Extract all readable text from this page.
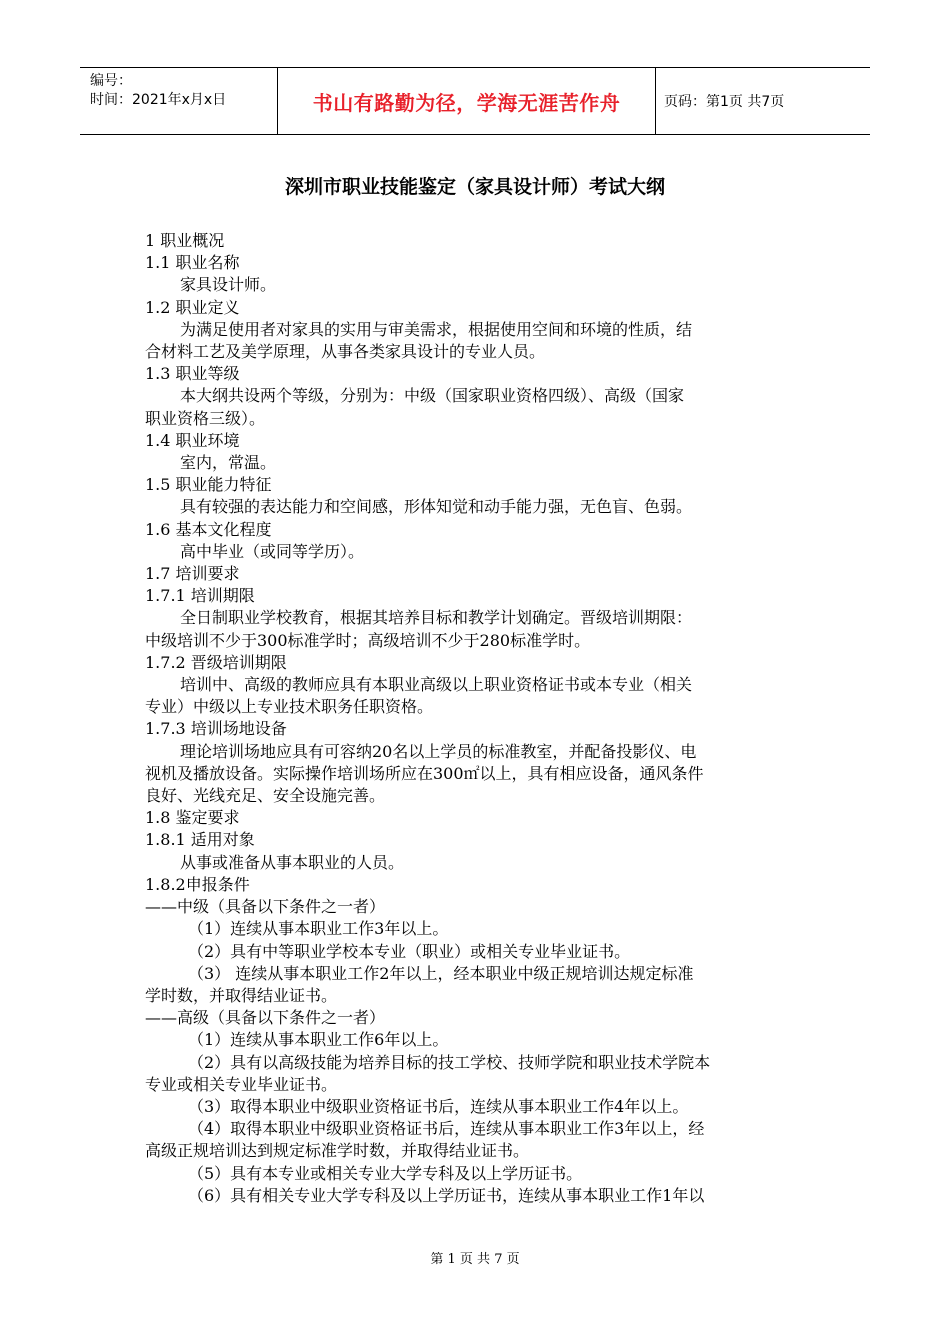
编号：
时间：2021年x月x日	书山有路勤为径，学海无涯苦作舟	页码：第1页 共7页
深圳市职业技能鉴定（家具设计师）考试大纲

1 职业概况

1.1 职业名称

家具设计师。

1.2 职业定义

为满足使用者对家具的实用与审美需求，根据使用空间和环境的性质，结

合材料工艺及美学原理，从事各类家具设计的专业人员。

1.3 职业等级

本大纲共设两个等级，分别为：中级（国家职业资格四级）、高级（国家

职业资格三级）。

1.4 职业环境

室内，常温。

1.5 职业能力特征

具有较强的表达能力和空间感，形体知觉和动手能力强，无色盲、色弱。

1.6 基本文化程度

高中毕业（或同等学历）。

1.7 培训要求

1.7.1 培训期限

全日制职业学校教育，根据其培养目标和教学计划确定。晋级培训期限：

中级培训不少于300标准学时；高级培训不少于280标准学时。

1.7.2 晋级培训期限

培训中、高级的教师应具有本职业高级以上职业资格证书或本专业（相关

专业）中级以上专业技术职务任职资格。

1.7.3 培训场地设备

理论培训场地应具有可容纳20名以上学员的标准教室，并配备投影仪、电

视机及播放设备。实际操作培训场所应在300㎡以上，具有相应设备，通风条件

良好、光线充足、安全设施完善。

1.8 鉴定要求

1.8.1 适用对象

从事或准备从事本职业的人员。

1.8.2申报条件

——中级（具备以下条件之一者）

（1）连续从事本职业工作3年以上。

（2）具有中等职业学校本专业（职业）或相关专业毕业证书。

（3） 连续从事本职业工作2年以上，经本职业中级正规培训达规定标准

学时数，并取得结业证书。

——高级（具备以下条件之一者）

（1）连续从事本职业工作6年以上。

（2）具有以高级技能为培养目标的技工学校、技师学院和职业技术学院本

专业或相关专业毕业证书。

（3）取得本职业中级职业资格证书后，连续从事本职业工作4年以上。

（4）取得本职业中级职业资格证书后，连续从事本职业工作3年以上，经

高级正规培训达到规定标准学时数，并取得结业证书。

（5）具有本专业或相关专业大学专科及以上学历证书。

（6）具有相关专业大学专科及以上学历证书，连续从事本职业工作1年以

第 1 页 共 7 页
